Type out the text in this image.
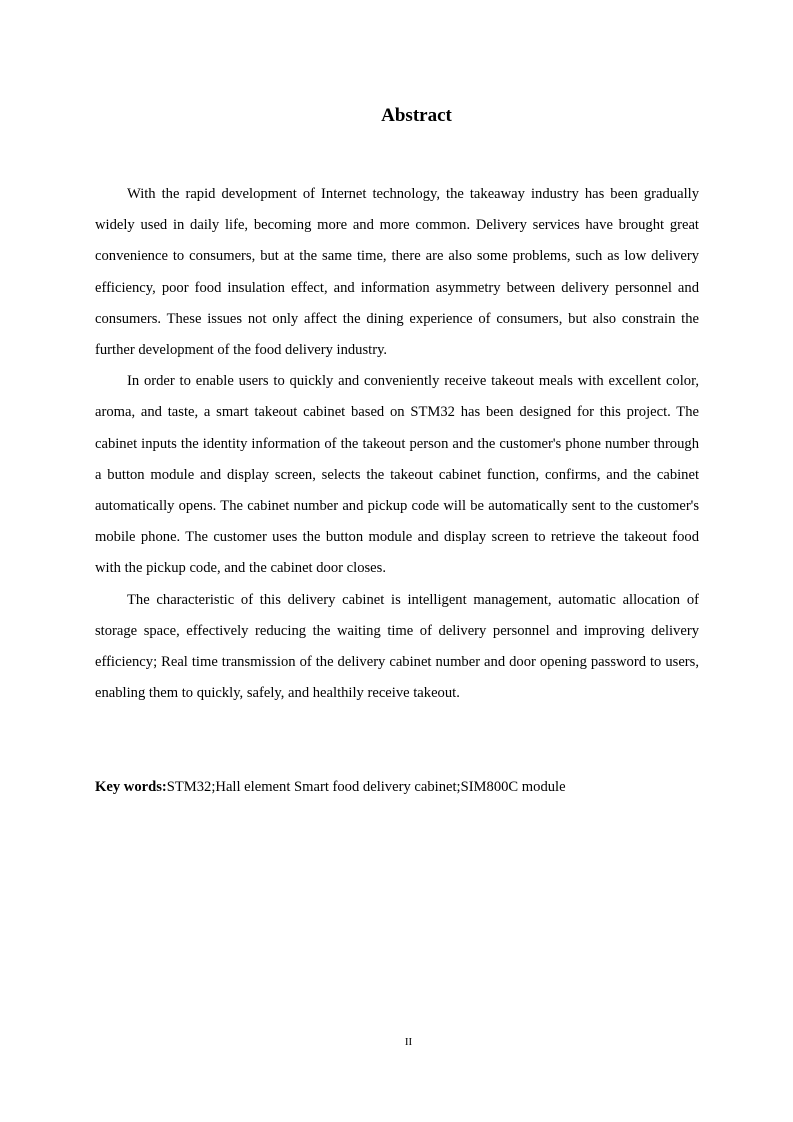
Abstract

With the rapid development of Internet technology, the takeaway industry has been gradually widely used in daily life, becoming more and more common. Delivery services have brought great convenience to consumers, but at the same time, there are also some problems, such as low delivery efficiency, poor food insulation effect, and information asymmetry between delivery personnel and consumers. These issues not only affect the dining experience of consumers, but also constrain the further development of the food delivery industry.

In order to enable users to quickly and conveniently receive takeout meals with excellent color, aroma, and taste, a smart takeout cabinet based on STM32 has been designed for this project. The cabinet inputs the identity information of the takeout person and the customer's phone number through a button module and display screen, selects the takeout cabinet function, confirms, and the cabinet automatically opens. The cabinet number and pickup code will be automatically sent to the customer's mobile phone. The customer uses the button module and display screen to retrieve the takeout food with the pickup code, and the cabinet door closes.

The characteristic of this delivery cabinet is intelligent management, automatic allocation of storage space, effectively reducing the waiting time of delivery personnel and improving delivery efficiency; Real time transmission of the delivery cabinet number and door opening password to users, enabling them to quickly, safely, and healthily receive takeout.

Key words:STM32;Hall element Smart food delivery cabinet;SIM800C module
II
